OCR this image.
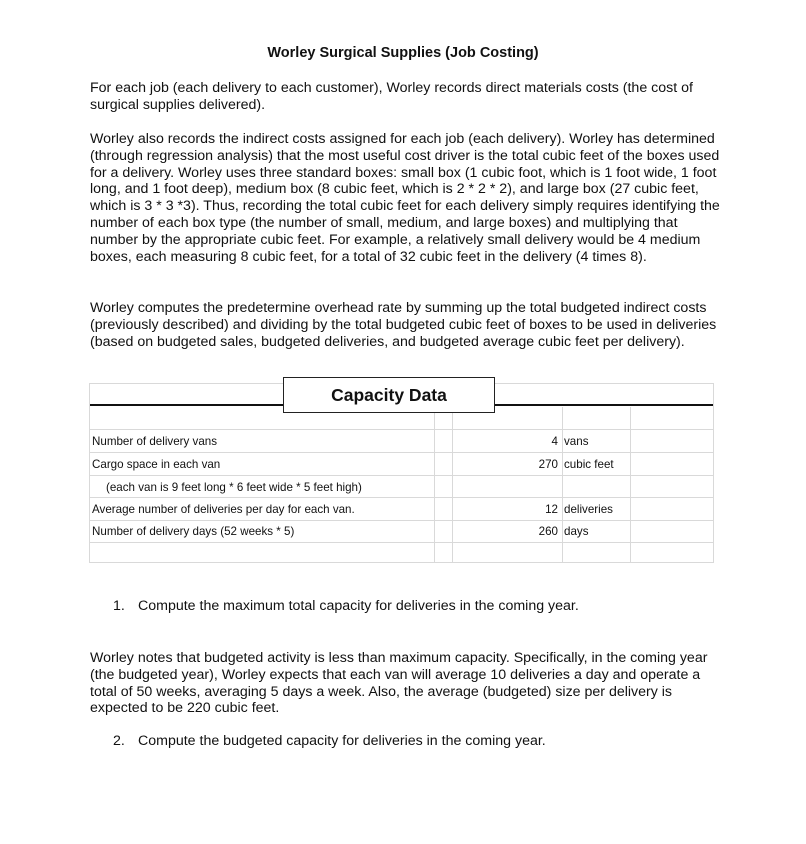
Worley Surgical Supplies (Job Costing)

For each job (each delivery to each customer), Worley records direct materials costs (the cost of surgical supplies delivered).

Worley also records the indirect costs assigned for each job (each delivery). Worley has determined (through regression analysis) that the most useful cost driver is the total cubic feet of the boxes used for a delivery. Worley uses three standard boxes: small box (1 cubic foot, which is 1 foot wide, 1 foot long, and 1 foot deep), medium box (8 cubic feet, which is 2 * 2 * 2), and large box (27 cubic feet, which is 3 * 3 *3). Thus, recording the total cubic feet for each delivery simply requires identifying the number of each box type (the number of small, medium, and large boxes) and multiplying that number by the appropriate cubic feet. For example, a relatively small delivery would be 4 medium boxes, each measuring 8 cubic feet, for a total of 32 cubic feet in the delivery (4 times 8).

Worley computes the predetermine overhead rate by summing up the total budgeted indirect costs (previously described) and dividing by the total budgeted cubic feet of boxes to be used in deliveries (based on budgeted sales, budgeted deliveries, and budgeted average cubic feet per delivery).

Capacity Data
Number of delivery vans	4 vans
Cargo space in each van	270 cubic feet
(each van is 9 feet long * 6 feet wide * 5 feet high)
Average number of deliveries per day for each van.	12 deliveries
Number of delivery days (52 weeks * 5)	260 days
1. Compute the maximum total capacity for deliveries in the coming year.

Worley notes that budgeted activity is less than maximum capacity. Specifically, in the coming year (the budgeted year), Worley expects that each van will average 10 deliveries a day and operate a total of 50 weeks, averaging 5 days a week. Also, the average (budgeted) size per delivery is expected to be 220 cubic feet.

2. Compute the budgeted capacity for deliveries in the coming year.
